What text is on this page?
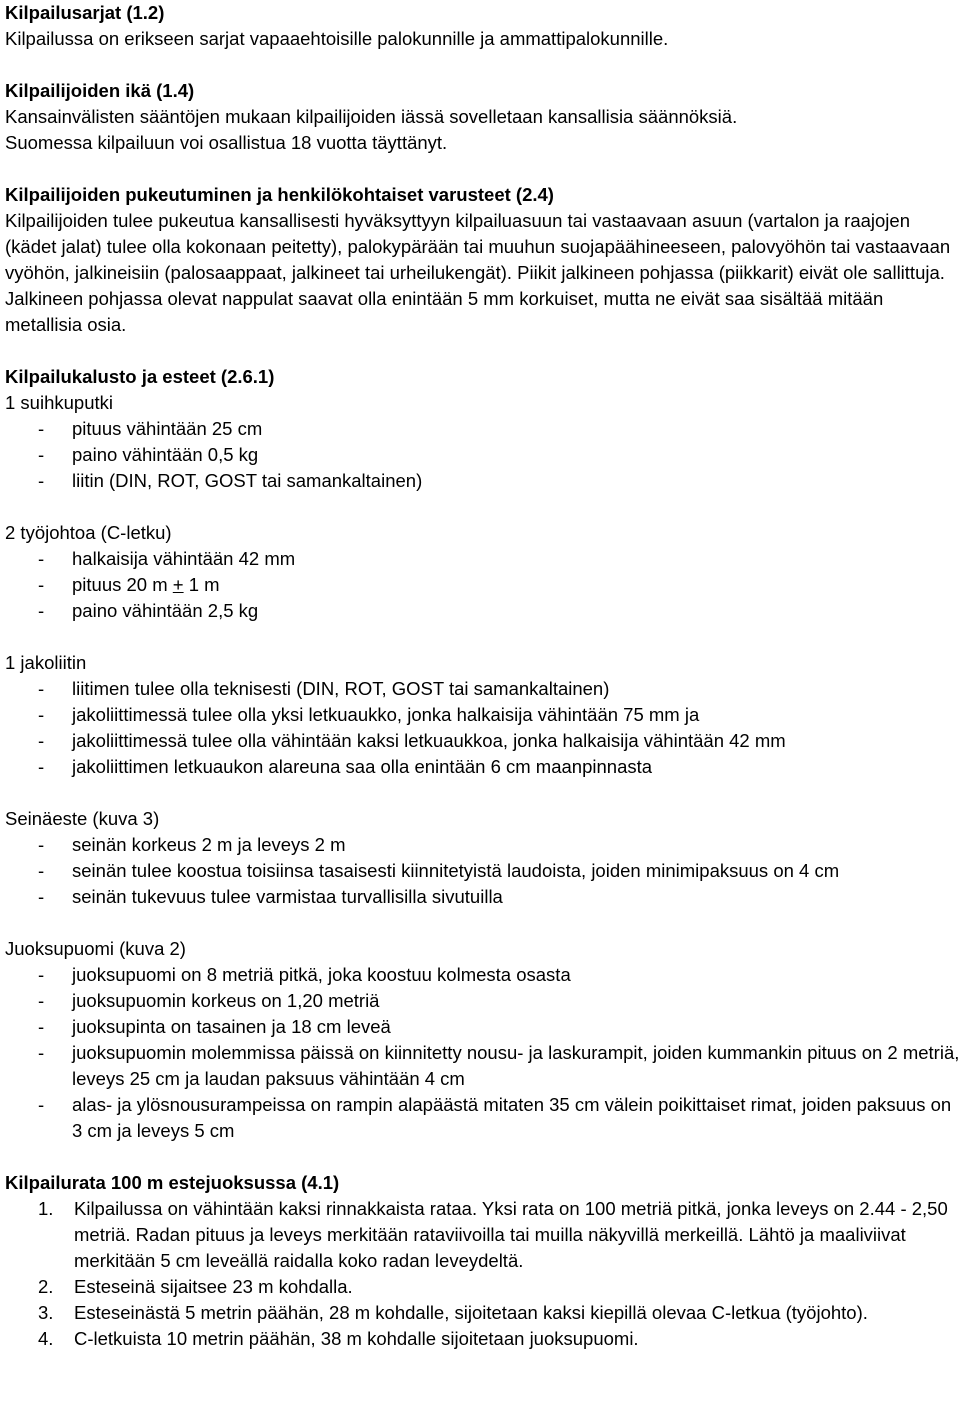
Kilpailusarjat (1.2)
Kilpailussa on erikseen sarjat vapaaehtoisille palokunnille ja ammattipalokunnille.
Kilpailijoiden ikä (1.4)
Kansainvälisten sääntöjen mukaan kilpailijoiden iässä sovelletaan kansallisia säännöksiä.
Suomessa kilpailuun voi osallistua 18 vuotta täyttänyt.
Kilpailijoiden pukeutuminen ja henkilökohtaiset varusteet (2.4)
Kilpailijoiden tulee pukeutua kansallisesti hyväksyttyyn kilpailuasuun tai vastaavaan asuun (vartalon ja raajojen (kädet jalat) tulee olla kokonaan peitetty), palokypärään tai muuhun suojapäähineeseen, palovyöhön tai vastaavaan vyöhön, jalkineisiin (palosaappaat, jalkineet tai urheilukengät). Piikit jalkineen pohjassa (piikkarit) eivät ole sallittuja. Jalkineen pohjassa olevat nappulat saavat olla enintään 5 mm korkuiset, mutta ne eivät saa sisältää mitään metallisia osia.
Kilpailukalusto ja esteet (2.6.1)
1 suihkuputki
-	pituus vähintään 25 cm
-	paino vähintään 0,5 kg
-	liitin (DIN, ROT, GOST tai samankaltainen)
2 työjohtoa (C-letku)
-	halkaisija vähintään 42 mm
-	pituus 20 m + 1 m
-	paino vähintään 2,5 kg
1 jakoliitin
-	liitimen tulee olla teknisesti (DIN, ROT, GOST tai samankaltainen)
-	jakoliittimessä tulee olla yksi letkuaukko, jonka halkaisija vähintään 75 mm ja
-	jakoliittimessä tulee olla vähintään kaksi letkuaukkoa, jonka halkaisija vähintään 42 mm
-	jakoliittimen letkuaukon alareuna saa olla enintään 6 cm maanpinnasta
Seinäeste (kuva 3)
-	seinän korkeus 2 m ja leveys 2 m
-	seinän tulee koostua toisiinsa tasaisesti kiinnitetyistä laudoista, joiden minimipaksuus on 4 cm
-	seinän tukevuus tulee varmistaa turvallisilla sivutuilla
Juoksupuomi (kuva 2)
-	juoksupuomi on 8 metriä pitkä, joka koostuu kolmesta osasta
-	juoksupuomin korkeus on 1,20 metriä
-	juoksupinta on tasainen ja 18 cm leveä
-	juoksupuomin molemmissa päissä on kiinnitetty nousu- ja laskurampit, joiden kummankin pituus on 2 metriä, leveys 25 cm ja laudan paksuus vähintään 4 cm
-	alas- ja ylösnousurampeissa on rampin alapäästä mitaten 35 cm välein poikittaiset rimat, joiden paksuus on 3 cm ja leveys 5 cm
Kilpailurata 100 m estejuoksussa (4.1)
1.	Kilpailussa on vähintään kaksi rinnakkaista rataa. Yksi rata on 100 metriä pitkä, jonka leveys on 2.44 - 2,50 metriä. Radan pituus ja leveys merkitään rataviivoilla tai muilla näkyvillä merkeillä. Lähtö ja maaliviivat merkitään 5 cm leveällä raidalla koko radan leveydeltä.
2.	Esteseinä sijaitsee 23 m kohdalla.
3.	Esteseinästä 5 metrin päähän, 28 m kohdalle, sijoitetaan kaksi kiepillä olevaa C-letkua (työjohto).
4.	C-letkuista 10 metrin päähän, 38 m kohdalle sijoitetaan juoksupuomi.
